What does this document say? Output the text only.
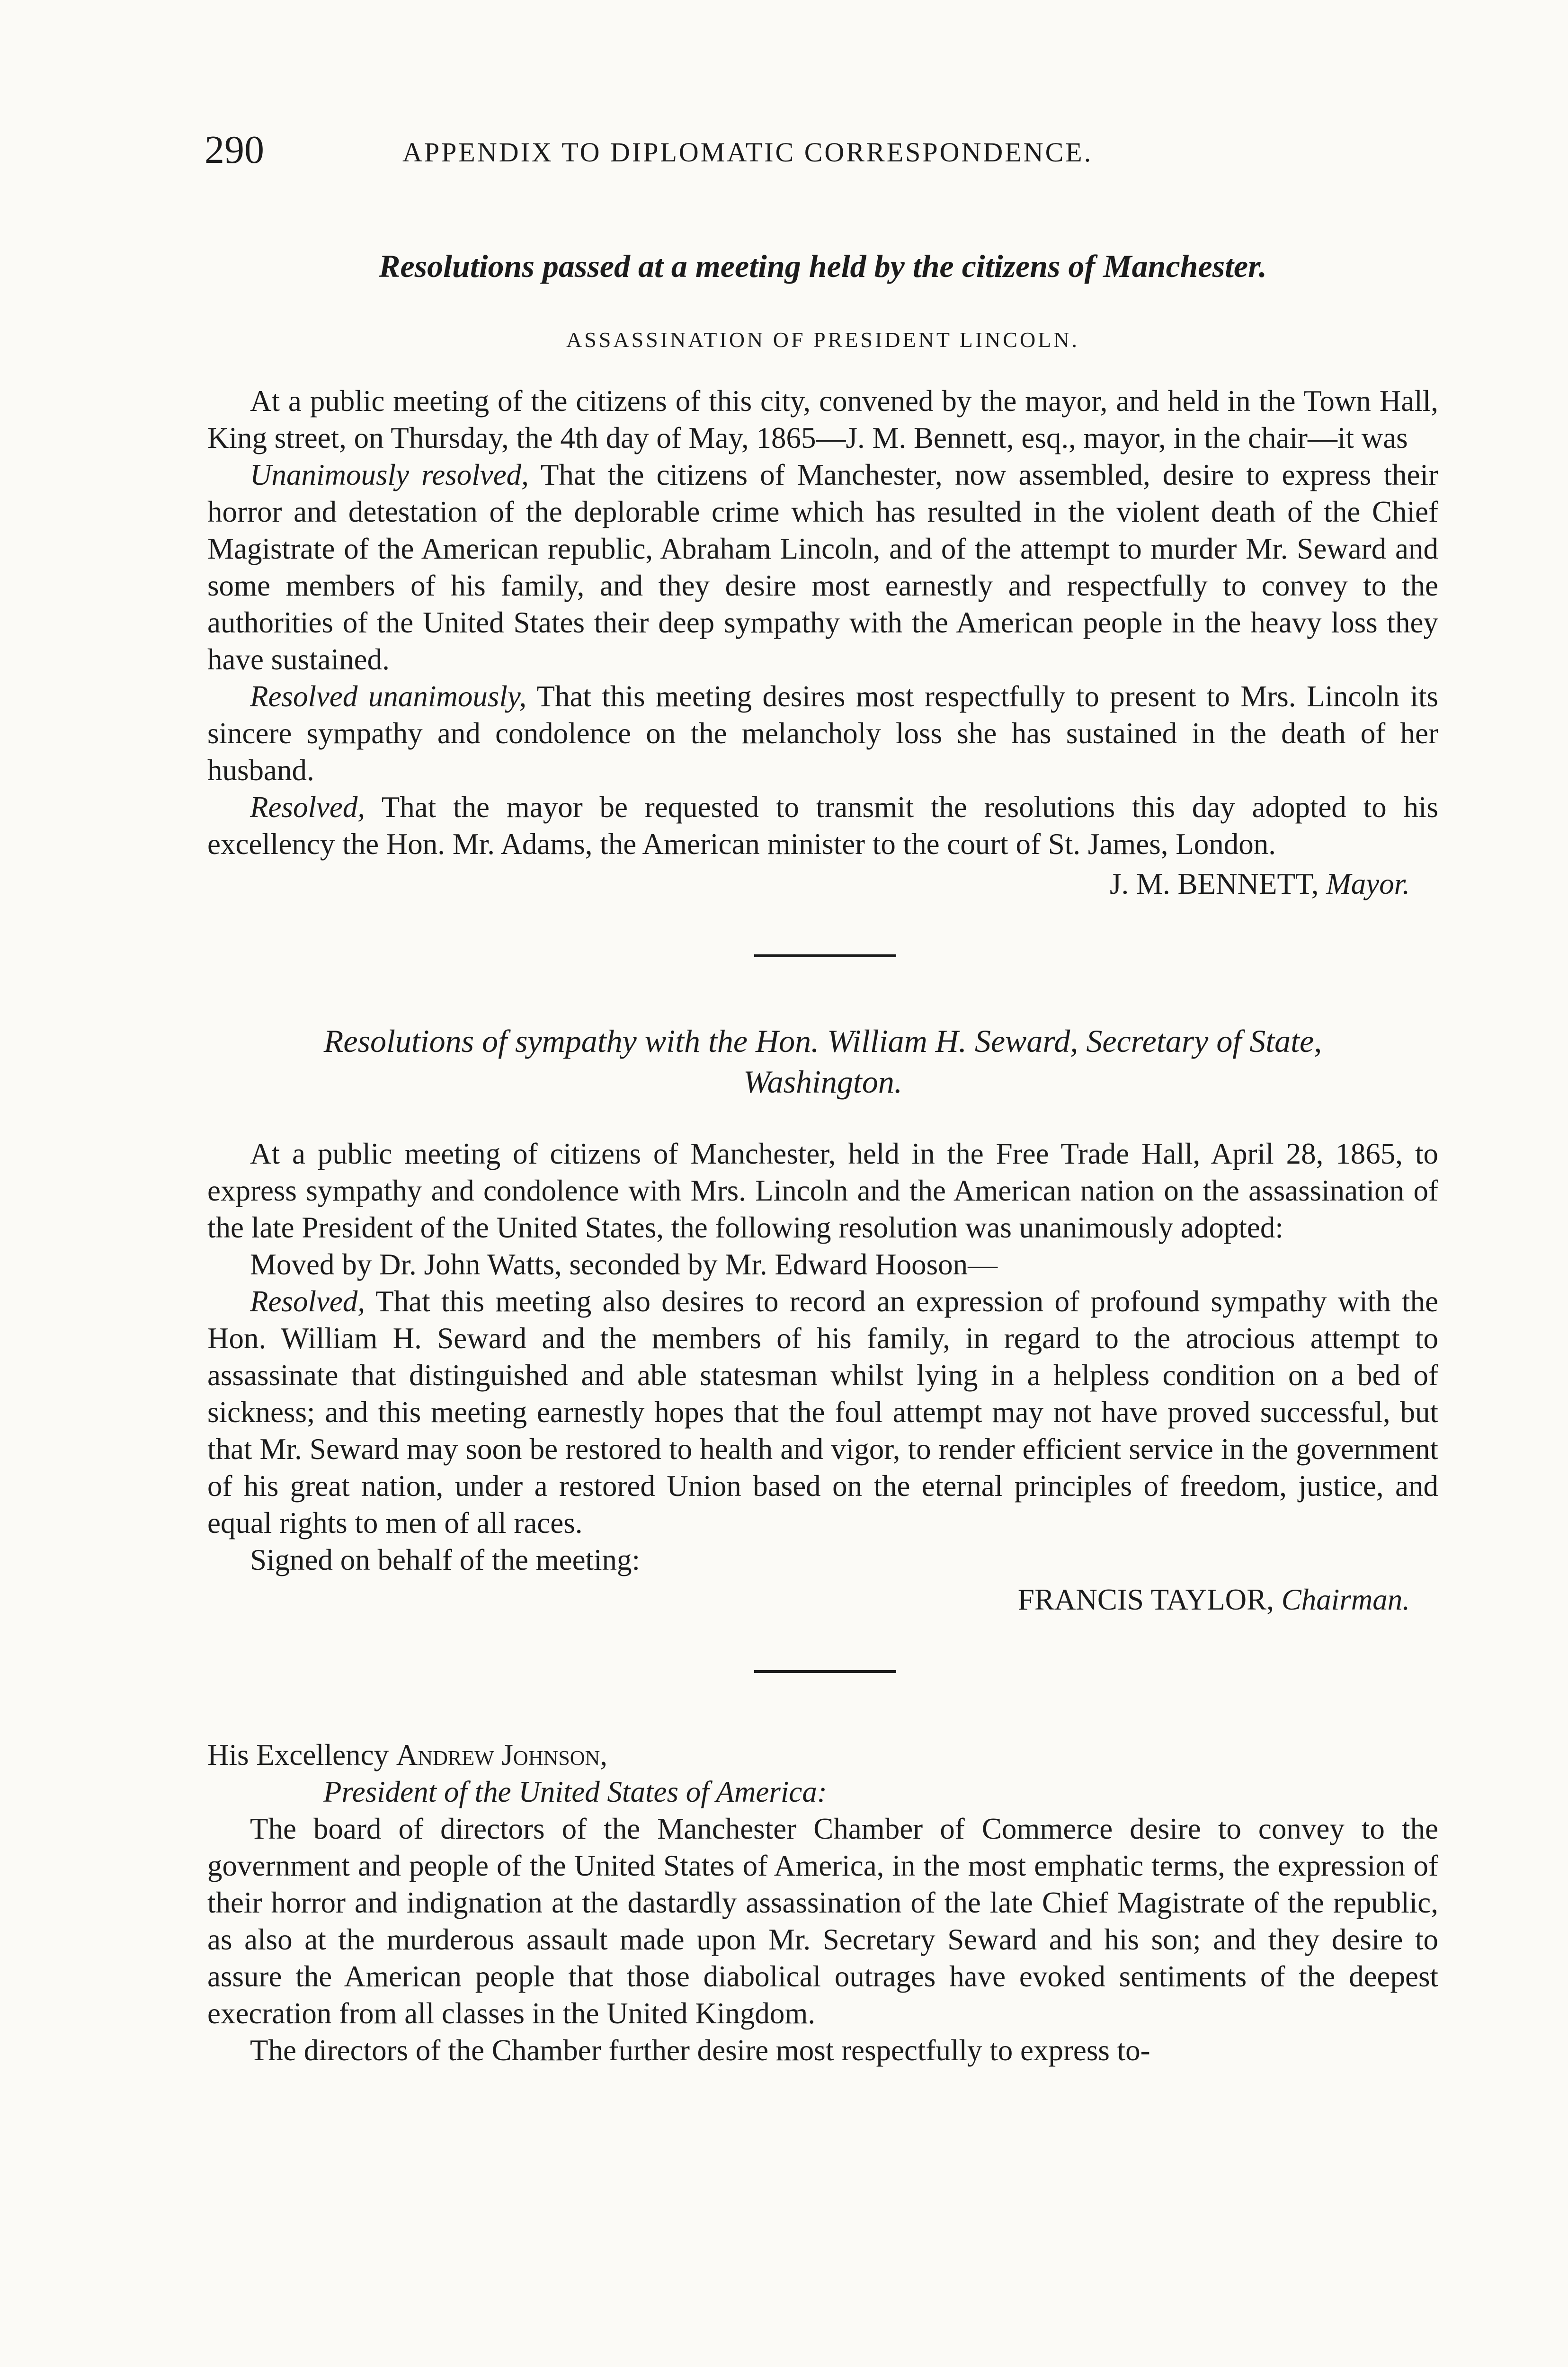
290	APPENDIX TO DIPLOMATIC CORRESPONDENCE.
Resolutions passed at a meeting held by the citizens of Manchester.
ASSASSINATION OF PRESIDENT LINCOLN.

At a public meeting of the citizens of this city, convened by the mayor, and held in the Town Hall, King street, on Thursday, the 4th day of May, 1865—J. M. Bennett, esq., mayor, in the chair—it was

Unanimously resolved, That the citizens of Manchester, now assembled, desire to express their horror and detestation of the deplorable crime which has resulted in the violent death of the Chief Magistrate of the American republic, Abraham Lincoln, and of the attempt to murder Mr. Seward and some members of his family, and they desire most earnestly and respectfully to convey to the authorities of the United States their deep sympathy with the American people in the heavy loss they have sustained.

Resolved unanimously, That this meeting desires most respectfully to present to Mrs. Lincoln its sincere sympathy and condolence on the melancholy loss she has sustained in the death of her husband.

Resolved, That the mayor be requested to transmit the resolutions this day adopted to his excellency the Hon. Mr. Adams, the American minister to the court of St. James, London.

J. M. BENNETT, Mayor.
Resolutions of sympathy with the Hon. William H. Seward, Secretary of State,
Washington.

At a public meeting of citizens of Manchester, held in the Free Trade Hall, April 28, 1865, to express sympathy and condolence with Mrs. Lincoln and the American nation on the assassination of the late President of the United States, the following resolution was unanimously adopted:

Moved by Dr. John Watts, seconded by Mr. Edward Hooson—

Resolved, That this meeting also desires to record an expression of profound sympathy with the Hon. William H. Seward and the members of his family, in regard to the atrocious attempt to assassinate that distinguished and able statesman whilst lying in a helpless condition on a bed of sickness; and this meeting earnestly hopes that the foul attempt may not have proved successful, but that Mr. Seward may soon be restored to health and vigor, to render efficient service in the government of his great nation, under a restored Union based on the eternal principles of freedom, justice, and equal rights to men of all races.

Signed on behalf of the meeting:

FRANCIS TAYLOR, Chairman.
His Excellency Andrew Johnson,
President of the United States of America:

The board of directors of the Manchester Chamber of Commerce desire to convey to the government and people of the United States of America, in the most emphatic terms, the expression of their horror and indignation at the dastardly assassination of the late Chief Magistrate of the republic, as also at the murderous assault made upon Mr. Secretary Seward and his son; and they desire to assure the American people that those diabolical outrages have evoked sentiments of the deepest execration from all classes in the United Kingdom.

The directors of the Chamber further desire most respectfully to express to-
